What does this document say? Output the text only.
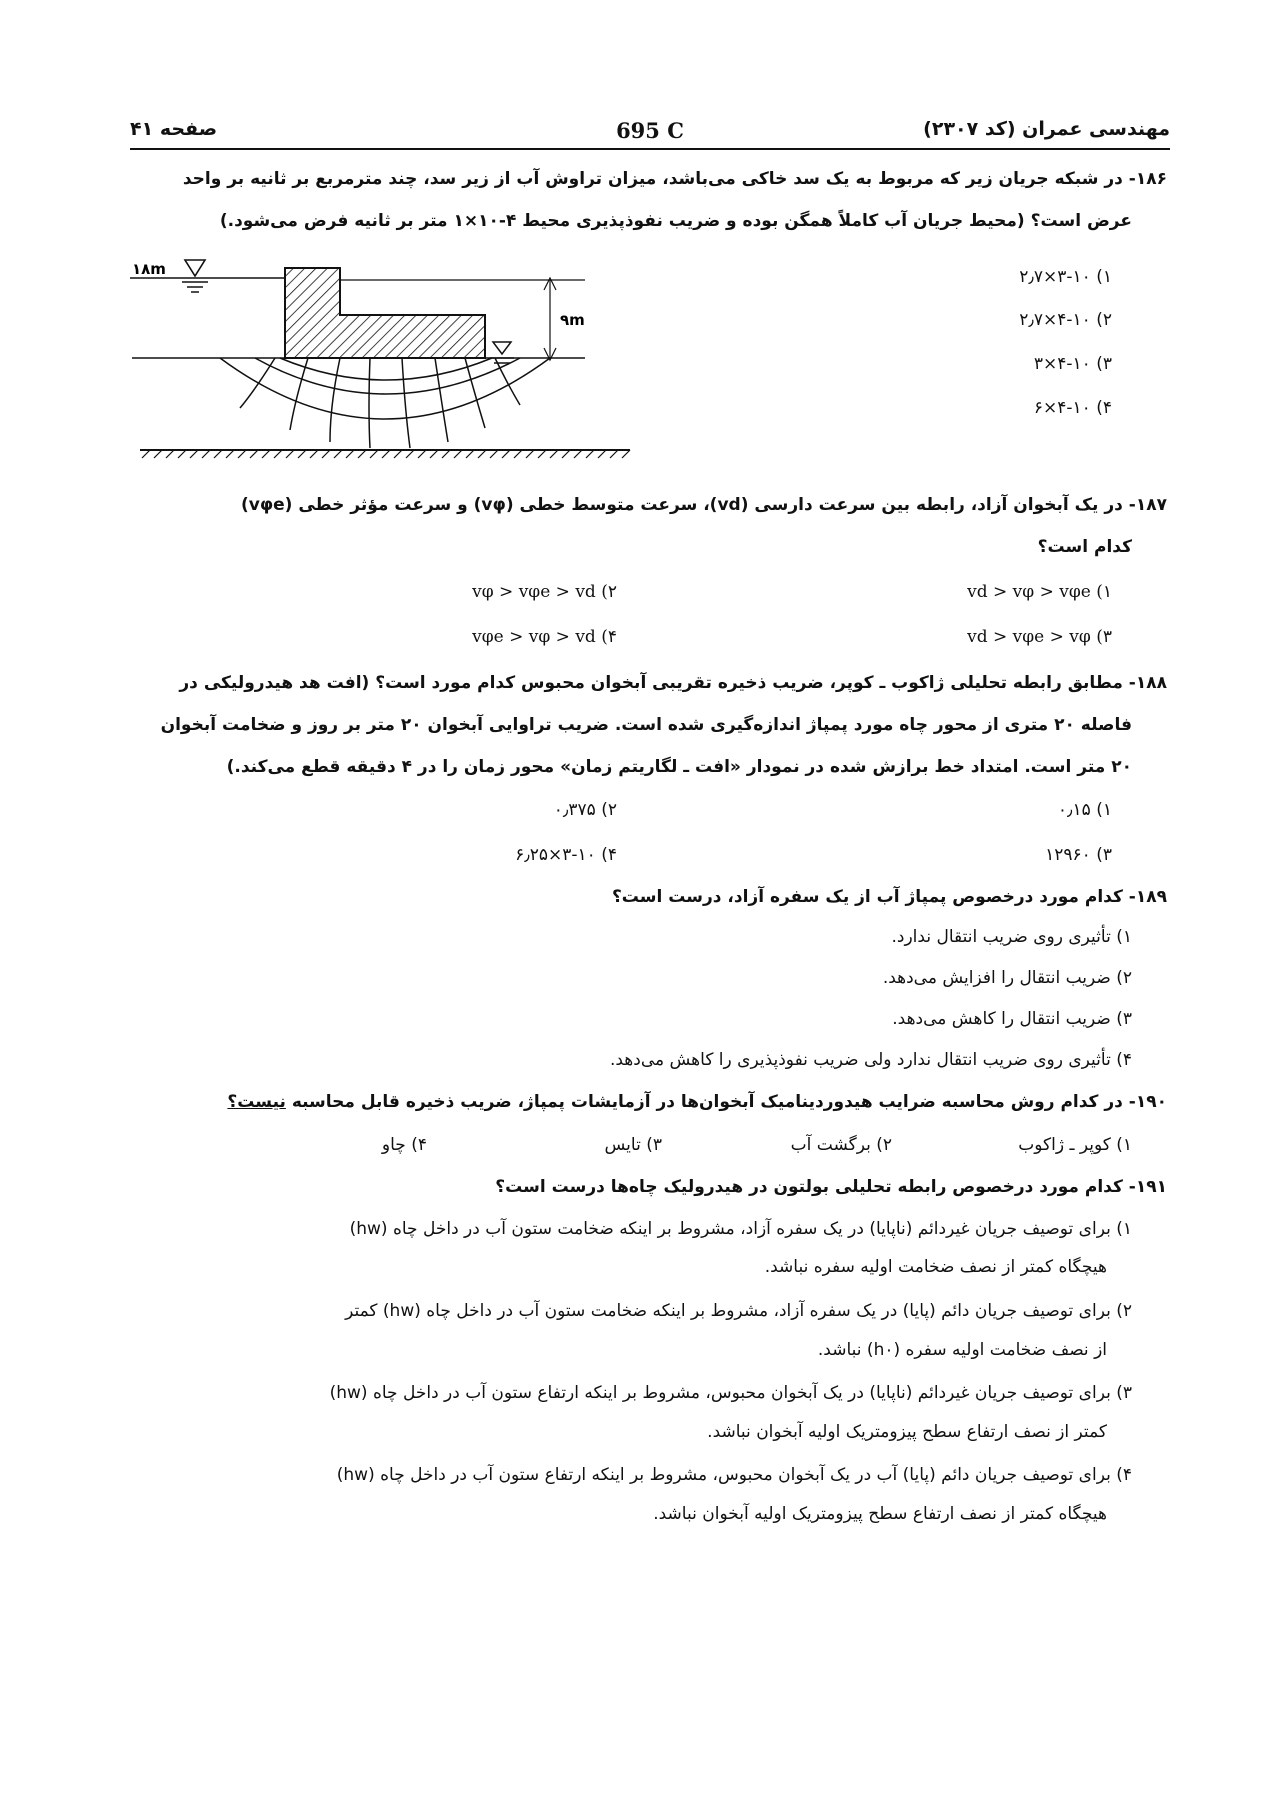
مهندسی عمران (کد ۲۳۰۷)
695 C
صفحه ۴۱
۱۸۶- در شبکه جریان زیر که مربوط به یک سد خاکی می‌باشد، میزان تراوش آب از زیر سد، چند مترمربع بر ثانیه بر واحد
عرض است؟ (محیط جریان آب کاملاً همگن بوده و ضریب نفوذپذیری محیط ۴-۱۰×۱ متر بر ثانیه فرض می‌شود.)
۱۸m
۹m
۱) ۳-۱۰×۲٫۷
۲) ۴-۱۰×۲٫۷
۳) ۴-۱۰×۳
۴) ۴-۱۰×۶
۱۸۷- در یک آبخوان آزاد، رابطه بین سرعت دارسی (vd)، سرعت متوسط خطی (vφ) و سرعت مؤثر خطی (vφe)
کدام است؟
۱) vd > vφ > vφe
۲) vφ > vφe > vd
۳) vd > vφe > vφ
۴) vφe > vφ > vd
۱۸۸- مطابق رابطه تحلیلی ژاکوب ـ کوپر، ضریب ذخیره تقریبی آبخوان محبوس کدام مورد است؟ (افت هد هیدرولیکی در
فاصله ۲۰ متری از محور چاه مورد پمپاژ اندازه‌گیری شده است. ضریب تراوایی آبخوان ۲۰ متر بر روز و ضخامت آبخوان
۲۰ متر است. امتداد خط برازش شده در نمودار «افت ـ لگاریتم زمان» محور زمان را در ۴ دقیقه قطع می‌کند.)
۱) ۰٫۱۵
۲) ۰٫۳۷۵
۳) ۱۲۹۶۰
۴) ۳-۱۰×۶٫۲۵
۱۸۹- کدام مورد درخصوص پمپاژ آب از یک سفره آزاد، درست است؟
۱) تأثیری روی ضریب انتقال ندارد.
۲) ضریب انتقال را افزایش می‌دهد.
۳) ضریب انتقال را کاهش می‌دهد.
۴) تأثیری روی ضریب انتقال ندارد ولی ضریب نفوذپذیری را کاهش می‌دهد.
۱۹۰- در کدام روش محاسبه ضرایب هیدوردینامیک آبخوان‌ها در آزمایشات پمپاژ، ضریب ذخیره قابل محاسبه نیست؟
۱) کوپر ـ ژاکوب
۲) برگشت آب
۳) تایس
۴) چاو
۱۹۱- کدام مورد درخصوص رابطه تحلیلی بولتون در هیدرولیک چاه‌ها درست است؟
۱) برای توصیف جریان غیردائم (ناپایا) در یک سفره آزاد، مشروط بر اینکه ضخامت ستون آب در داخل چاه (hw)
هیچگاه کمتر از نصف ضخامت اولیه سفره نباشد.
۲) برای توصیف جریان دائم (پایا) در یک سفره آزاد، مشروط بر اینکه ضخامت ستون آب در داخل چاه (hw) کمتر
از نصف ضخامت اولیه سفره (h۰) نباشد.
۳) برای توصیف جریان غیردائم (ناپایا) در یک آبخوان محبوس، مشروط بر اینکه ارتفاع ستون آب در داخل چاه (hw)
کمتر از نصف ارتفاع سطح پیزومتریک اولیه آبخوان نباشد.
۴) برای توصیف جریان دائم (پایا) آب در یک آبخوان محبوس، مشروط بر اینکه ارتفاع ستون آب در داخل چاه (hw)
هیچگاه کمتر از نصف ارتفاع سطح پیزومتریک اولیه آبخوان نباشد.
